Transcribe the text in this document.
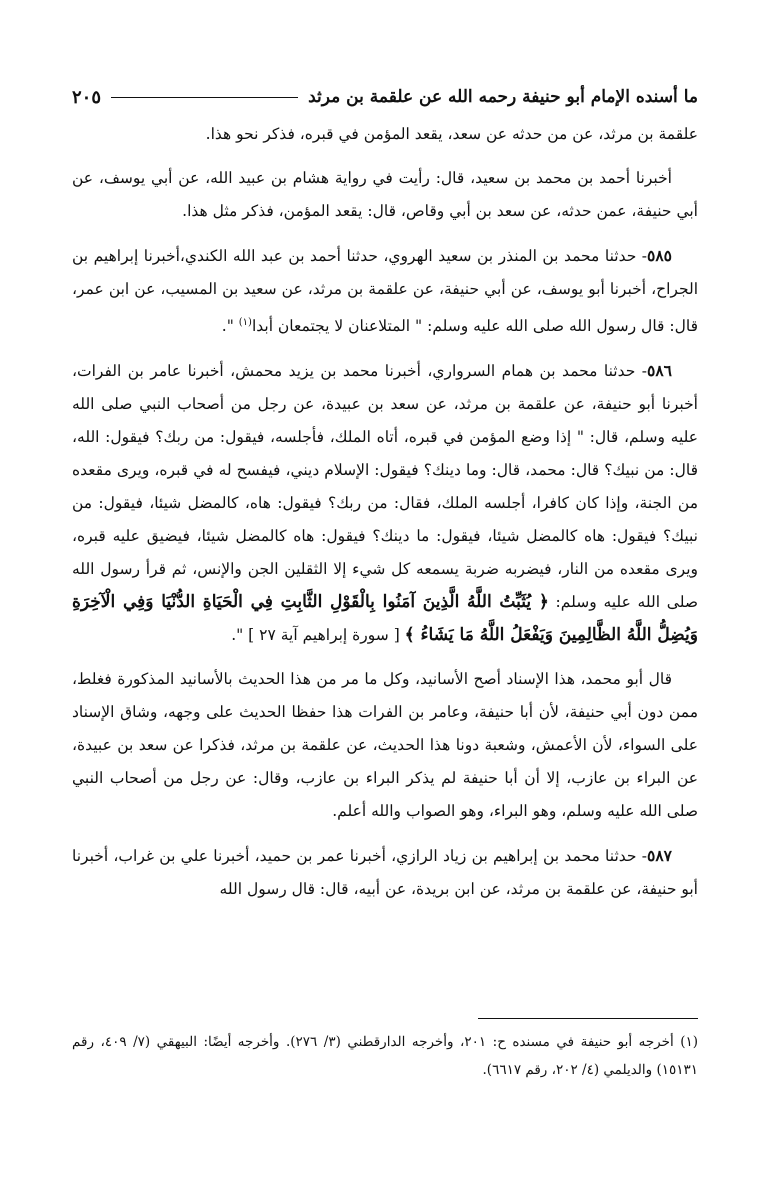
ما أسنده الإمام أبو حنيفة رحمه الله عن علقمة بن مرثد
٢٠٥

علقمة بن مرثد، عن من حدثه عن سعد، يقعد المؤمن في قبره، فذكر نحو هذا.

أخبرنا أحمد بن محمد بن سعيد، قال: رأيت في رواية هشام بن عبيد الله، عن أبي يوسف، عن أبي حنيفة، عمن حدثه، عن سعد بن أبي وقاص، قال: يقعد المؤمن، فذكر مثل هذا.

٥٨٥- حدثنا محمد بن المنذر بن سعيد الهروي، حدثنا أحمد بن عبد الله الكندي،أخبرنا إبراهيم بن الجراح، أخبرنا أبو يوسف، عن أبي حنيفة، عن علقمة بن مرثد، عن سعيد بن المسيب، عن ابن عمر، قال: قال رسول الله صلى الله عليه وسلم: " المتلاعنان لا يجتمعان أبدا$^{(١)}$ ".

٥٨٦- حدثنا محمد بن همام السرواري، أخبرنا محمد بن يزيد محمش، أخبرنا عامر بن الفرات، أخبرنا أبو حنيفة، عن علقمة بن مرثد، عن سعد بن عبيدة، عن رجل من أصحاب النبي صلى الله عليه وسلم، قال: " إذا وضع المؤمن في قبره، أتاه الملك، فأجلسه، فيقول: من ربك؟ فيقول: الله، قال: من نبيك؟ قال: محمد، قال: وما دينك؟ فيقول: الإسلام ديني، فيفسح له في قبره، ويرى مقعده من الجنة، وإذا كان كافرا، أجلسه الملك، فقال: من ربك؟ فيقول: هاه، كالمضل شيئا، فيقول: من نبيك؟ فيقول: هاه كالمضل شيئا، فيقول: ما دينك؟ فيقول: هاه كالمضل شيئا، فيضيق عليه قبره، ويرى مقعده من النار، فيضربه ضربة يسمعه كل شيء إلا الثقلين الجن والإنس، ثم قرأ رسول الله صلى الله عليه وسلم: ﴿ يُثَبِّتُ اللَّهُ الَّذِينَ آمَنُوا بِالْقَوْلِ الثَّابِتِ فِي الْحَيَاةِ الدُّنْيَا وَفِي الْآخِرَةِ وَيُضِلُّ اللَّهُ الظَّالِمِينَ وَيَفْعَلُ اللَّهُ مَا يَشَاءُ ﴾ [ سورة إبراهيم آية ٢٧ ] ".

قال أبو محمد، هذا الإسناد أصح الأسانيد، وكل ما مر من هذا الحديث بالأسانيد المذكورة فغلط، ممن دون أبي حنيفة، لأن أبا حنيفة، وعامر بن الفرات هذا حفظا الحديث على وجهه، وشاق الإسناد على السواء، لأن الأعمش، وشعبة دونا هذا الحديث، عن علقمة بن مرثد، فذكرا عن سعد بن عبيدة، عن البراء بن عازب، إلا أن أبا حنيفة لم يذكر البراء بن عازب، وقال: عن رجل من أصحاب النبي صلى الله عليه وسلم، وهو البراء، وهو الصواب والله أعلم.

٥٨٧- حدثنا محمد بن إبراهيم بن زياد الرازي، أخبرنا عمر بن حميد، أخبرنا علي بن غراب، أخبرنا أبو حنيفة، عن علقمة بن مرثد، عن ابن بريدة، عن أبيه، قال: قال رسول الله

(١) أخرجه أبو حنيفة في مسنده ح: ٢٠١، وأخرجه الدارقطني (٣/ ٢٧٦). وأخرجه أيضًا: البيهقي (٧/ ٤٠٩، رقم ١٥١٣١) والديلمي (٤/ ٢٠٢، رقم ٦٦١٧).
